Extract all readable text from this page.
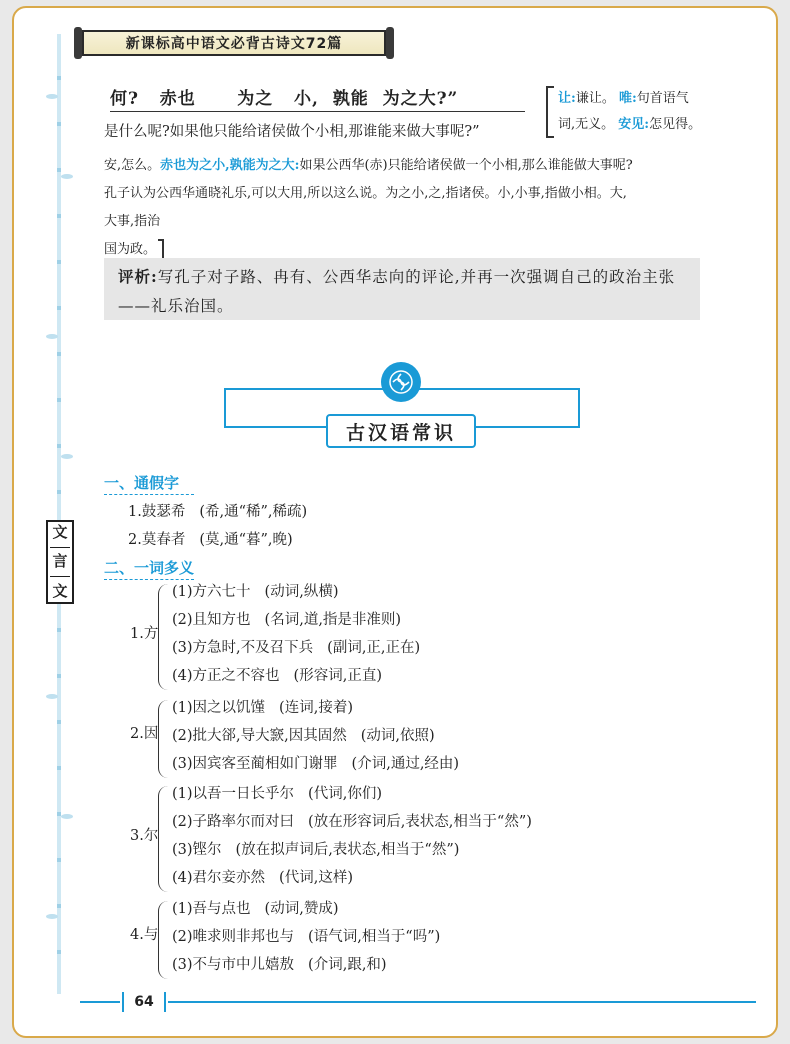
文
言
文
新课标高中语文必背古诗文72篇
何?   赤也      为之   小,  孰能  为之大?”
是什么呢?如果他只能给诸侯做个小相,那谁能来做大事呢?”
让:谦让。 唯:句首语气
词,无义。 安见:怎见得。
安,怎么。赤也为之小,孰能为之大:如果公西华(赤)只能给诸侯做一个小相,那么谁能做大事呢?
孔子认为公西华通晓礼乐,可以大用,所以这么说。为之小,之,指诸侯。小,小事,指做小相。大,
大事,指治
国为政。
评析:写孔子对子路、冉有、公西华志向的评论,并再一次强调自己的政治主张——礼乐治国。
古汉语常识
一、通假字
1.鼓瑟希 (希,通“稀”,稀疏)
2.莫春者 (莫,通“暮”,晚)
二、一词多义
1.方
(1)方六七十 (动词,纵横)
(2)且知方也 (名词,道,指是非准则)
(3)方急时,不及召下兵 (副词,正,正在)
(4)方正之不容也 (形容词,正直)
2.因
(1)因之以饥馑 (连词,接着)
(2)批大郤,导大窾,因其固然 (动词,依照)
(3)因宾客至蔺相如门谢罪 (介词,通过,经由)
3.尔
(1)以吾一日长乎尔 (代词,你们)
(2)子路率尔而对曰 (放在形容词后,表状态,相当于“然”)
(3)铿尔 (放在拟声词后,表状态,相当于“然”)
(4)君尔妾亦然 (代词,这样)
4.与
(1)吾与点也 (动词,赞成)
(2)唯求则非邦也与 (语气词,相当于“吗”)
(3)不与市中儿嬉敖 (介词,跟,和)
64
